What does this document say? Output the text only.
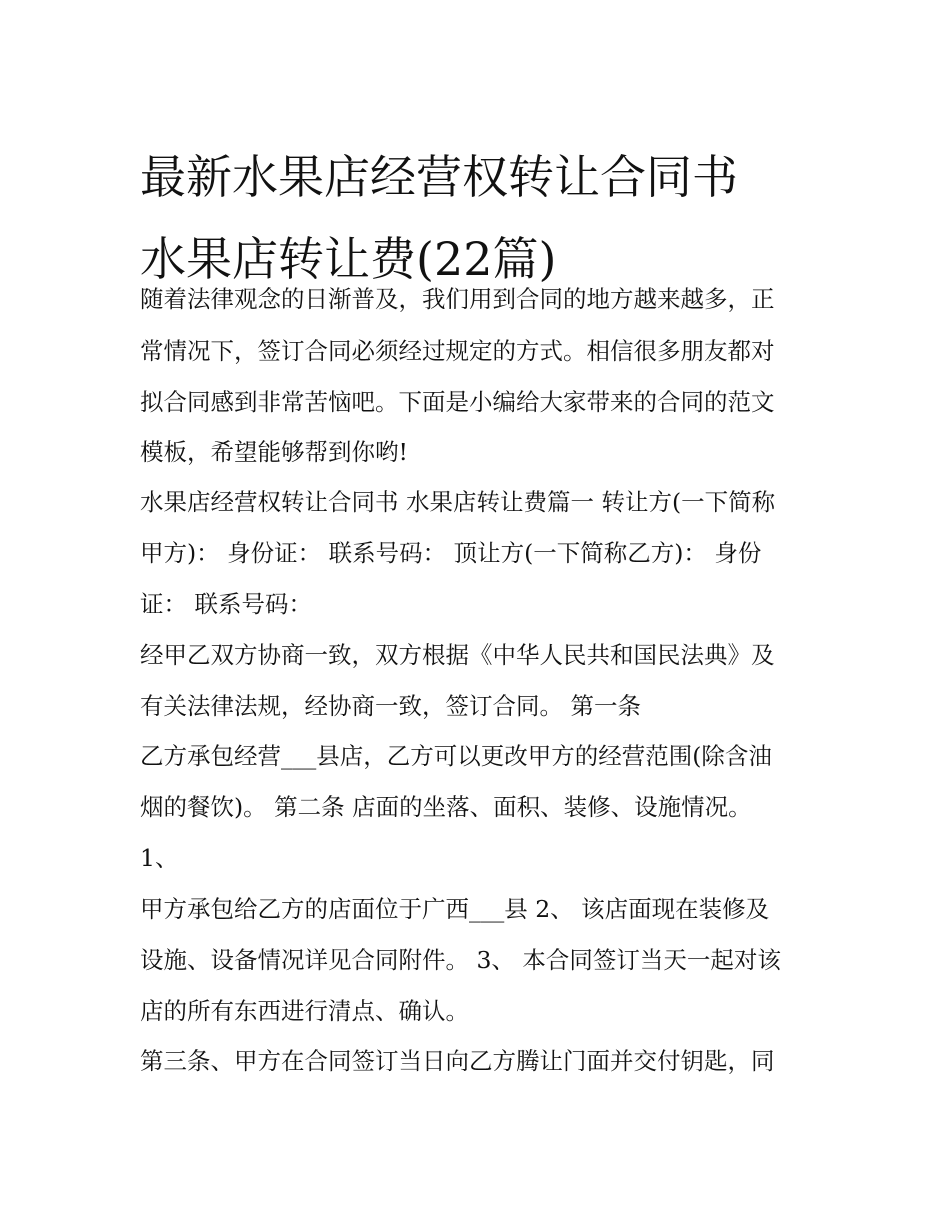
最新水果店经营权转让合同书
水果店转让费(22篇)
随着法律观念的日渐普及，我们用到合同的地方越来越多，正
常情况下，签订合同必须经过规定的方式。相信很多朋友都对
拟合同感到非常苦恼吧。下面是小编给大家带来的合同的范文
模板，希望能够帮到你哟!
水果店经营权转让合同书 水果店转让费篇一 转让方(一下简称
甲方)： 身份证： 联系号码： 顶让方(一下简称乙方)： 身份
证： 联系号码：
经甲乙双方协商一致，双方根据《中华人民共和国民法典》及
有关法律法规，经协商一致，签订合同。 第一条
乙方承包经营___县店，乙方可以更改甲方的经营范围(除含油
烟的餐饮)。 第二条 店面的坐落、面积、装修、设施情况。
1、
甲方承包给乙方的店面位于广西___县 2、 该店面现在装修及
设施、设备情况详见合同附件。 3、 本合同签订当天一起对该
店的所有东西进行清点、确认。
第三条、甲方在合同签订当日向乙方腾让门面并交付钥匙，同
